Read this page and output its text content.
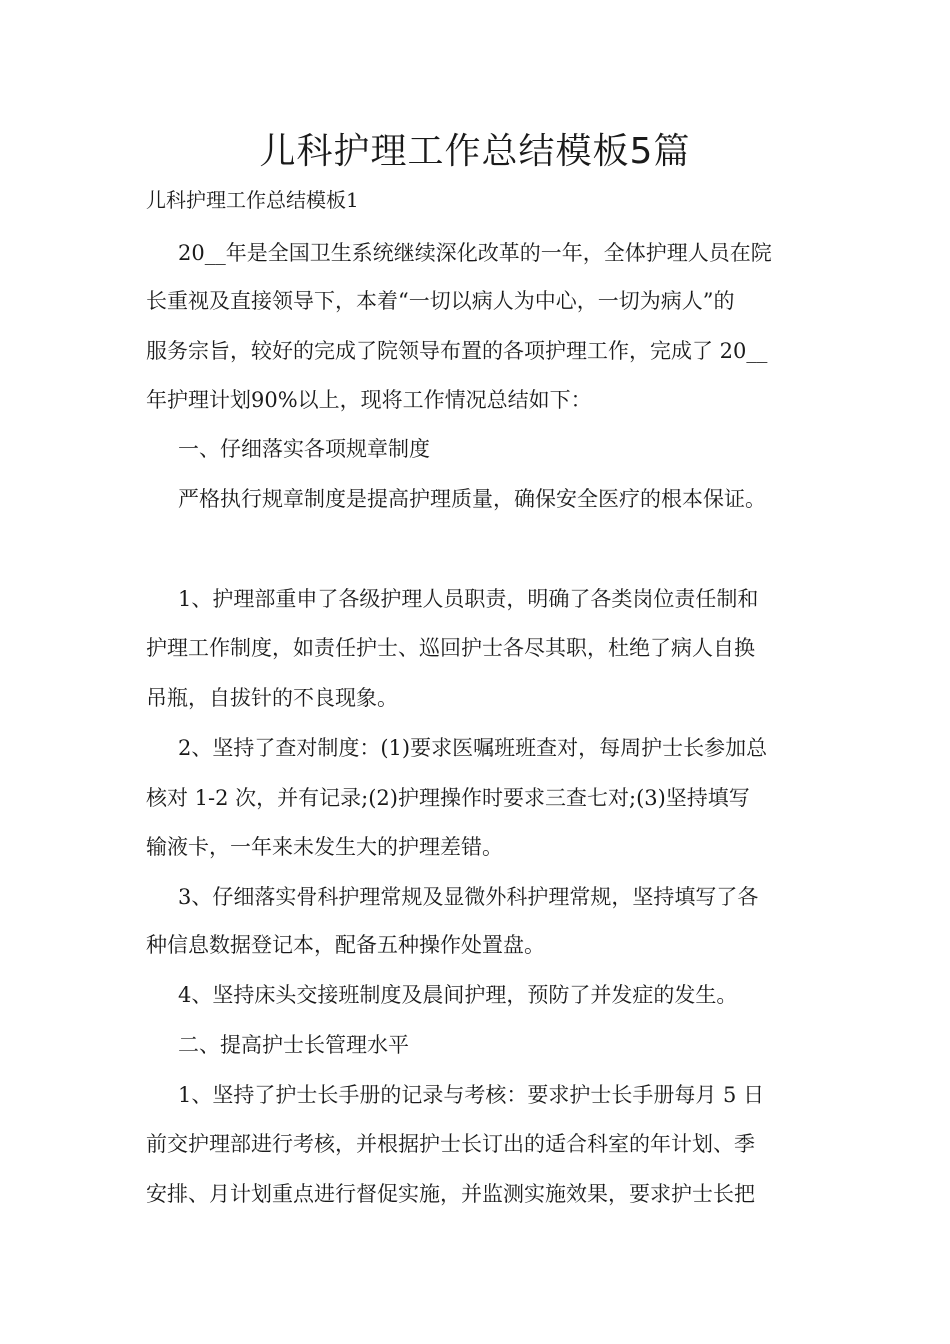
儿科护理工作总结模板5篇

儿科护理工作总结模板1

20__年是全国卫生系统继续深化改革的一年，全体护理人员在院

长重视及直接领导下，本着“一切以病人为中心，一切为病人”的

服务宗旨，较好的完成了院领导布置的各项护理工作，完成了 20__

年护理计划90%以上，现将工作情况总结如下：

一、仔细落实各项规章制度

严格执行规章制度是提高护理质量，确保安全医疗的根本保证。

1、护理部重申了各级护理人员职责，明确了各类岗位责任制和

护理工作制度，如责任护士、巡回护士各尽其职，杜绝了病人自换

吊瓶，自拔针的不良现象。

2、坚持了查对制度：(1)要求医嘱班班查对，每周护士长参加总

核对 1-2 次，并有记录;(2)护理操作时要求三查七对;(3)坚持填写

输液卡，一年来未发生大的护理差错。

3、仔细落实骨科护理常规及显微外科护理常规，坚持填写了各

种信息数据登记本，配备五种操作处置盘。

4、坚持床头交接班制度及晨间护理，预防了并发症的发生。

二、提高护士长管理水平

1、坚持了护士长手册的记录与考核：要求护士长手册每月 5 日

前交护理部进行考核，并根据护士长订出的适合科室的年计划、季

安排、月计划重点进行督促实施，并监测实施效果，要求护士长把
